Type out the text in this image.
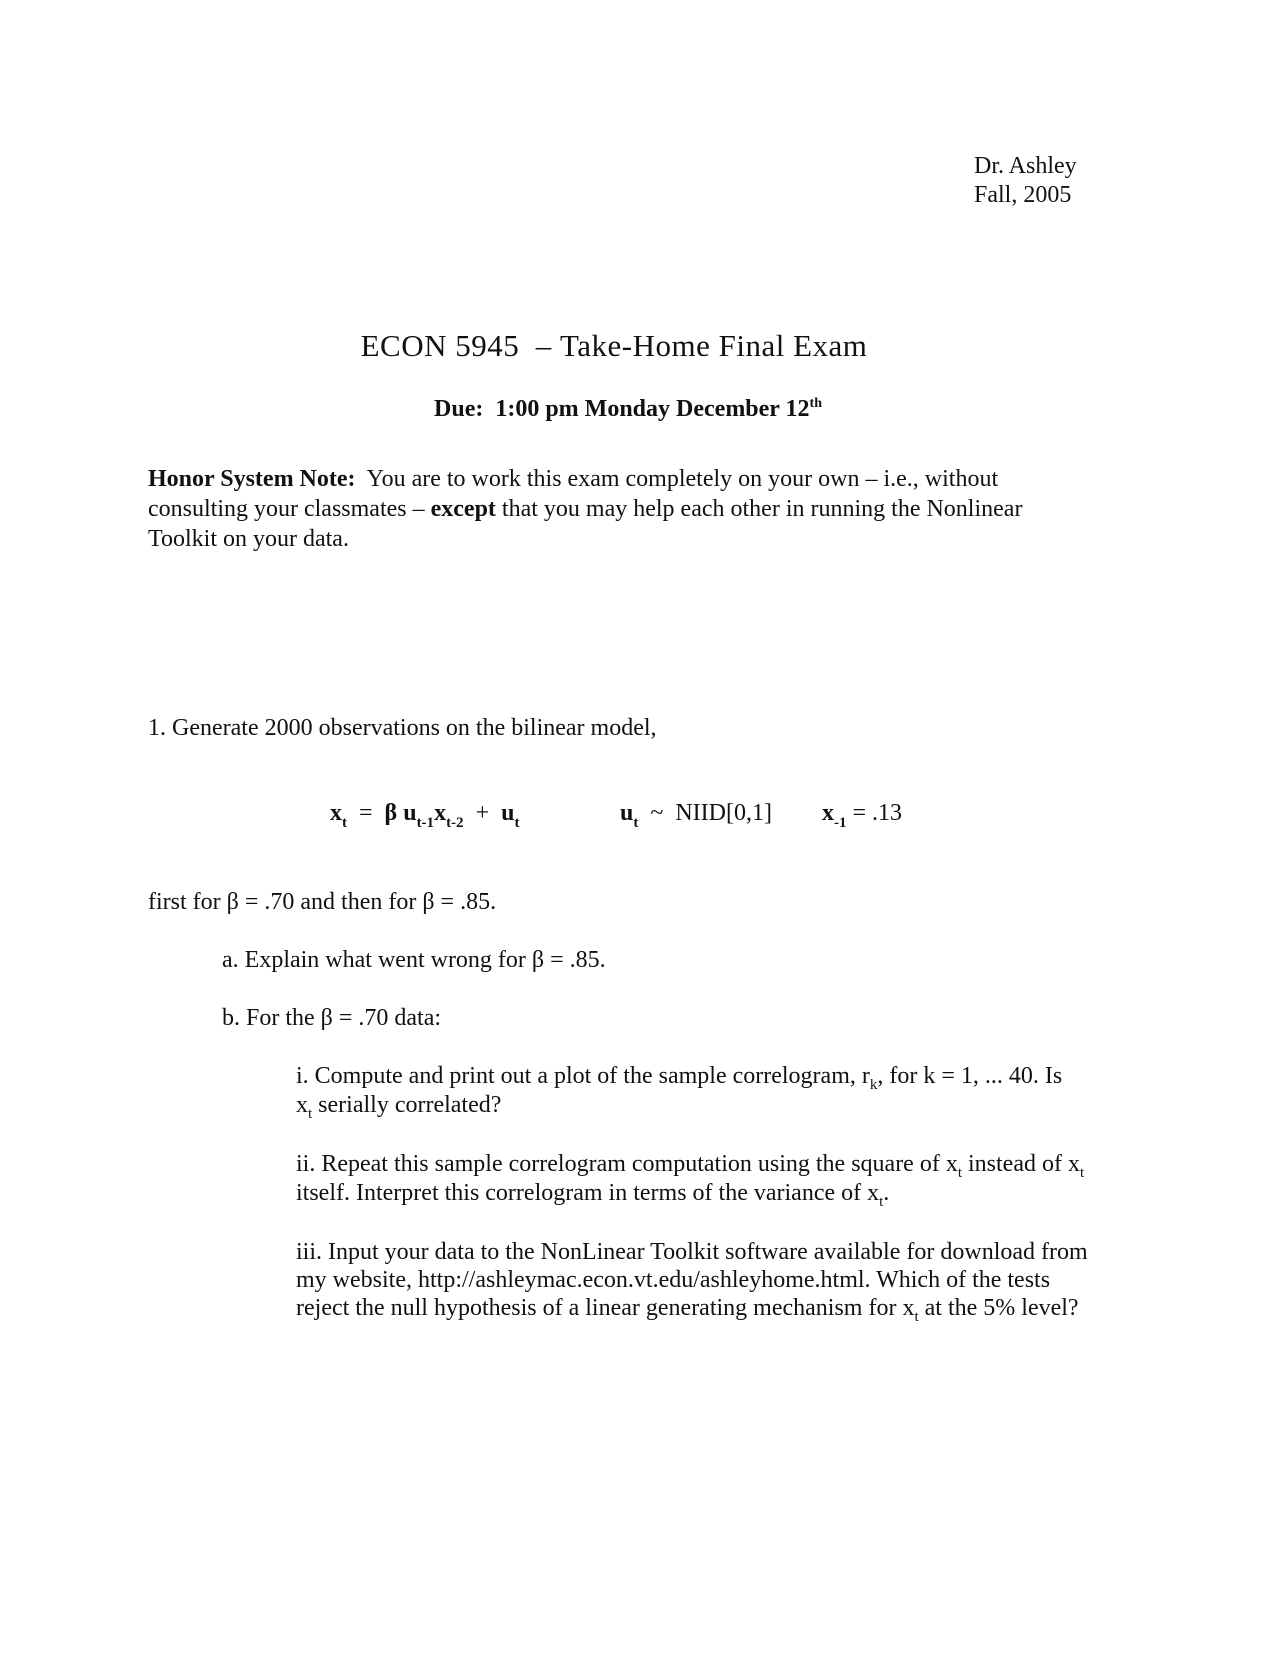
Dr. Ashley
Fall, 2005
ECON 5945 – Take-Home Final Exam
Due: 1:00 pm Monday December 12th
Honor System Note: You are to work this exam completely on your own – i.e., without consulting your classmates – except that you may help each other in running the Nonlinear Toolkit on your data.
1. Generate 2000 observations on the bilinear model,
$x_t = \beta$ $u_{t-1}x_{t-2} + u_t$	$u_t$ ~ NIID[0,1] $x_{-1} = .13$
first for β = .70 and then for β = .85.
a. Explain what went wrong for β = .85.
b. For the β = .70 data:
i. Compute and print out a plot of the sample correlogram, $r_k$, for k = 1, ... 40. Is
$x_t$ serially correlated?
ii. Repeat this sample correlogram computation using the square of $x_t$ instead of $x_t$
itself. Interpret this correlogram in terms of the variance of $x_t$.
iii. Input your data to the NonLinear Toolkit software available for download from
my website, http://ashleymac.econ.vt.edu/ashleyhome.html. Which of the tests
reject the null hypothesis of a linear generating mechanism for $x_t$ at the 5% level?
